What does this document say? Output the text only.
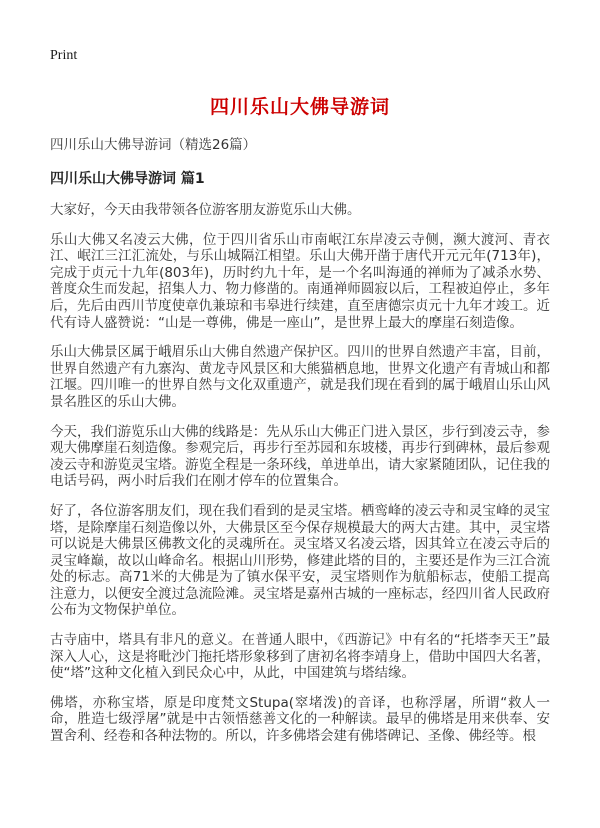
Print
四川乐山大佛导游词

四川乐山大佛导游词（精选26篇）

四川乐山大佛导游词 篇1

大家好，今天由我带领各位游客朋友游览乐山大佛。

乐山大佛又名凌云大佛，位于四川省乐山市南岷江东岸凌云寺侧，濒大渡河、青衣江、岷江三江汇流处，与乐山城隔江相望。乐山大佛开凿于唐代开元元年(713年)，完成于贞元十九年(803年)，历时约九十年，是一个名叫海通的禅师为了减杀水势、普度众生而发起，招集人力、物力修凿的。南通禅师圆寂以后，工程被迫停止，多年后，先后由西川节度使章仇兼琼和韦皋进行续建，直至唐德宗贞元十九年才竣工。近代有诗人盛赞说：“山是一尊佛，佛是一座山”，是世界上最大的摩崖石刻造像。

乐山大佛景区属于峨眉乐山大佛自然遗产保护区。四川的世界自然遗产丰富，目前，世界自然遗产有九寨沟、黄龙寺风景区和大熊猫栖息地，世界文化遗产有青城山和都江堰。四川唯一的世界自然与文化双重遗产，就是我们现在看到的属于峨眉山乐山风景名胜区的乐山大佛。

今天，我们游览乐山大佛的线路是：先从乐山大佛正门进入景区，步行到凌云寺，参观大佛摩崖石刻造像。参观完后，再步行至苏园和东坡楼，再步行到碑林，最后参观凌云寺和游览灵宝塔。游览全程是一条环线，单进单出，请大家紧随团队，记住我的电话号码，两小时后我们在刚才停车的位置集合。

好了，各位游客朋友们，现在我们看到的是灵宝塔。栖鸾峰的凌云寺和灵宝峰的灵宝塔，是除摩崖石刻造像以外，大佛景区至今保存规模最大的两大古建。其中，灵宝塔可以说是大佛景区佛教文化的灵魂所在。灵宝塔又名凌云塔，因其耸立在凌云寺后的灵宝峰巅，故以山峰命名。根据山川形势，修建此塔的目的，主要还是作为三江合流处的标志。高71米的大佛是为了镇水保平安，灵宝塔则作为航船标志，使船工提高注意力，以便安全渡过急流险滩。灵宝塔是嘉州古城的一座标志，经四川省人民政府公布为文物保护单位。

古寺庙中，塔具有非凡的意义。在普通人眼中，《西游记》中有名的“托塔李天王”最深入人心，这是将毗沙门拖托塔形象移到了唐初名将李靖身上，借助中国四大名著，使“塔”这种文化植入到民众心中，从此，中国建筑与塔结缘。

佛塔，亦称宝塔，原是印度梵文Stupa(窣堵泼)的音译，也称浮屠，所谓“救人一命，胜造七级浮屠”就是中古领悟慈善文化的一种解读。最早的佛塔是用来供奉、安置舍利、经卷和各种法物的。所以，许多佛塔会建有佛塔碑记、圣像、佛经等。根
